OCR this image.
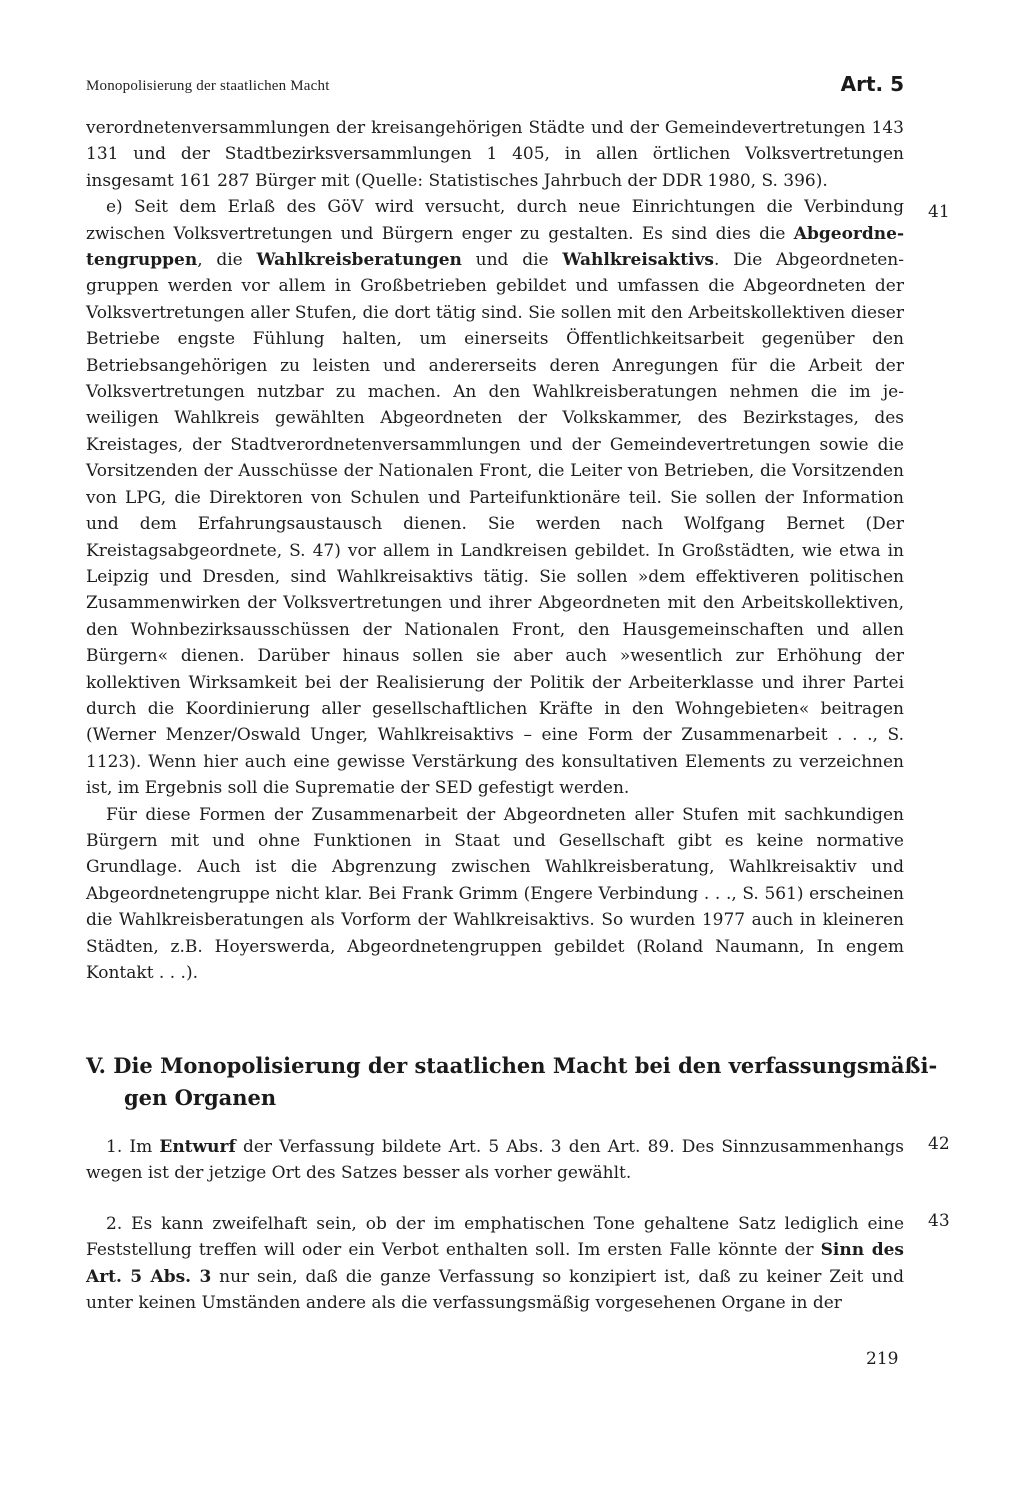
Monopolisierung der staatlichen Macht	Art. 5

verordnetenversammlungen der kreisangehörigen Städte und der Gemeindevertretungen 143 131 und der Stadtbezirksversammlungen 1 405, in allen örtlichen Volksvertretungen insgesamt 161 287 Bürger mit (Quelle: Statistisches Jahrbuch der DDR 1980, S. 396).

e) Seit dem Erlaß des GöV wird versucht, durch neue Einrichtungen die Verbindung zwischen Volksvertretungen und Bürgern enger zu gestalten. Es sind dies die Abgeordnetengruppen, die Wahlkreisberatungen und die Wahlkreisaktivs. Die Abgeordnetengruppen werden vor allem in Großbetrieben gebildet und umfassen die Abgeordneten der Volksvertretungen aller Stufen, die dort tätig sind. Sie sollen mit den Arbeitskollektiven dieser Betriebe engste Fühlung halten, um einerseits Öffentlichkeitsarbeit gegenüber den Betriebsangehörigen zu leisten und andererseits deren Anregungen für die Arbeit der Volksvertretungen nutzbar zu machen. An den Wahlkreisberatungen nehmen die im jeweiligen Wahlkreis gewählten Abgeordneten der Volkskammer, des Bezirkstages, des Kreistages, der Stadtverordnetenversammlungen und der Gemeindevertretungen sowie die Vorsitzenden der Ausschüsse der Nationalen Front, die Leiter von Betrieben, die Vorsitzenden von LPG, die Direktoren von Schulen und Parteifunktionäre teil. Sie sollen der Information und dem Erfahrungsaustausch dienen. Sie werden nach Wolfgang Bernet (Der Kreistagsabgeordnete, S. 47) vor allem in Landkreisen gebildet. In Großstädten, wie etwa in Leipzig und Dresden, sind Wahlkreisaktivs tätig. Sie sollen »dem effektiveren politischen Zusammenwirken der Volksvertretungen und ihrer Abgeordneten mit den Arbeitskollektiven, den Wohnbezirksausschüssen der Nationalen Front, den Hausgemeinschaften und allen Bürgern« dienen. Darüber hinaus sollen sie aber auch »wesentlich zur Erhöhung der kollektiven Wirksamkeit bei der Realisierung der Politik der Arbeiterklasse und ihrer Partei durch die Koordinierung aller gesellschaftlichen Kräfte in den Wohngebieten« beitragen (Werner Menzer/Oswald Unger, Wahlkreisaktivs – eine Form der Zusammenarbeit . . ., S. 1123). Wenn hier auch eine gewisse Verstärkung des konsultativen Elements zu verzeichnen ist, im Ergebnis soll die Suprematie der SED gefestigt werden.

Für diese Formen der Zusammenarbeit der Abgeordneten aller Stufen mit sachkundigen Bürgern mit und ohne Funktionen in Staat und Gesellschaft gibt es keine normative Grundlage. Auch ist die Abgrenzung zwischen Wahlkreisberatung, Wahlkreisaktiv und Abgeordnetengruppe nicht klar. Bei Frank Grimm (Engere Verbindung . . ., S. 561) erscheinen die Wahlkreisberatungen als Vorform der Wahlkreisaktivs. So wurden 1977 auch in kleineren Städten, z.B. Hoyerswerda, Abgeordnetengruppen gebildet (Roland Naumann, In engem Kontakt . . .).

41
V. Die Monopolisierung der staatlichen Macht bei den verfassungsmäßigen Organen

1. Im Entwurf der Verfassung bildete Art. 5 Abs. 3 den Art. 89. Des Sinnzusammenhangs wegen ist der jetzige Ort des Satzes besser als vorher gewählt.

42

2. Es kann zweifelhaft sein, ob der im emphatischen Tone gehaltene Satz lediglich eine Feststellung treffen will oder ein Verbot enthalten soll. Im ersten Falle könnte der Sinn des Art. 5 Abs. 3 nur sein, daß die ganze Verfassung so konzipiert ist, daß zu keiner Zeit und unter keinen Umständen andere als die verfassungsmäßig vorgesehenen Organe in der

43
219
